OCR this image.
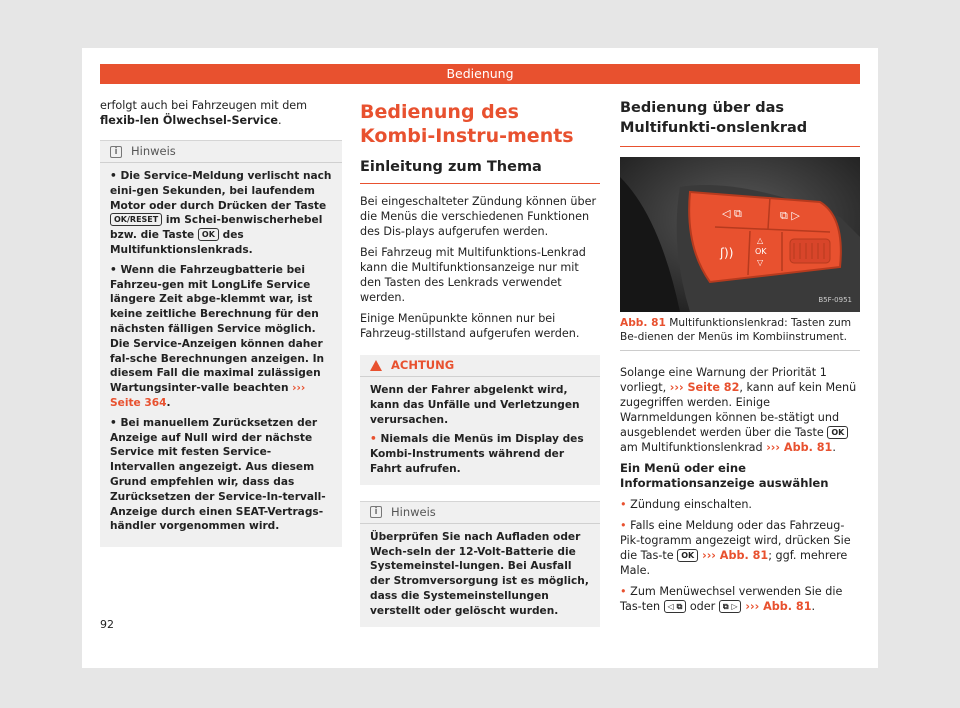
Bedienung

erfolgt auch bei Fahrzeugen mit dem flexib-len Ölwechsel-Service.

i	Hinweis
• Die Service-Meldung verlischt nach eini-gen Sekunden, bei laufendem Motor oder durch Drücken der Taste OK/RESET im Schei-benwischerhebel bzw. die Taste OK des Multifunktionslenkrads.
• Wenn die Fahrzeugbatterie bei Fahrzeu-gen mit LongLife Service längere Zeit abge-klemmt war, ist keine zeitliche Berechnung für den nächsten fälligen Service möglich. Die Service-Anzeigen können daher fal-sche Berechnungen anzeigen. In diesem Fall die maximal zulässigen Wartungsinter-valle beachten ››› Seite 364.
• Bei manuellem Zurücksetzen der Anzeige auf Null wird der nächste Service mit festen Service-Intervallen angezeigt. Aus diesem Grund empfehlen wir, dass das Zurücksetzen der Service-In-tervall-Anzeige durch einen SEAT-Vertrags-händler vorgenommen wird.
Bedienung des Kombi-Instru-ments
Einleitung zum Thema

Bei eingeschalteter Zündung können über die Menüs die verschiedenen Funktionen des Dis-plays aufgerufen werden.

Bei Fahrzeug mit Multifunktions-Lenkrad kann die Multifunktionsanzeige nur mit den Tasten des Lenkrads verwendet werden.

Einige Menüpunkte können nur bei Fahrzeug-stillstand aufgerufen werden.

ACHTUNG
Wenn der Fahrer abgelenkt wird, kann das Unfälle und Verletzungen verursachen.
• Niemals die Menüs im Display des Kombi-Instruments während der Fahrt aufrufen.
i	Hinweis
Überprüfen Sie nach Aufladen oder Wech-seln der 12-Volt-Batterie die Systemeinstel-lungen. Bei Ausfall der Stromversorgung ist es möglich, dass die Systemeinstellungen verstellt oder gelöscht wurden.
Bedienung über das Multifunkti-onslenkrad
◁ ⧉	⧉ ▷
ʃ))
△
OK
▽
B5F-0951
Abb. 81 Multifunktionslenkrad: Tasten zum Be-dienen der Menüs im Kombiinstrument.

Solange eine Warnung der Priorität 1 vorliegt, ››› Seite 82, kann auf kein Menü zugegriffen werden. Einige Warnmeldungen können be-stätigt und ausgeblendet werden über die Taste OK am Multifunktionslenkrad ››› Abb. 81.

Ein Menü oder eine Informationsanzeige auswählen

• Zündung einschalten.

• Falls eine Meldung oder das Fahrzeug-Pik-togramm angezeigt wird, drücken Sie die Tas-te OK ››› Abb. 81; ggf. mehrere Male.

• Zum Menüwechsel verwenden Sie die Tas-ten ◁ ⧉ oder ⧉ ▷ ››› Abb. 81.

92
